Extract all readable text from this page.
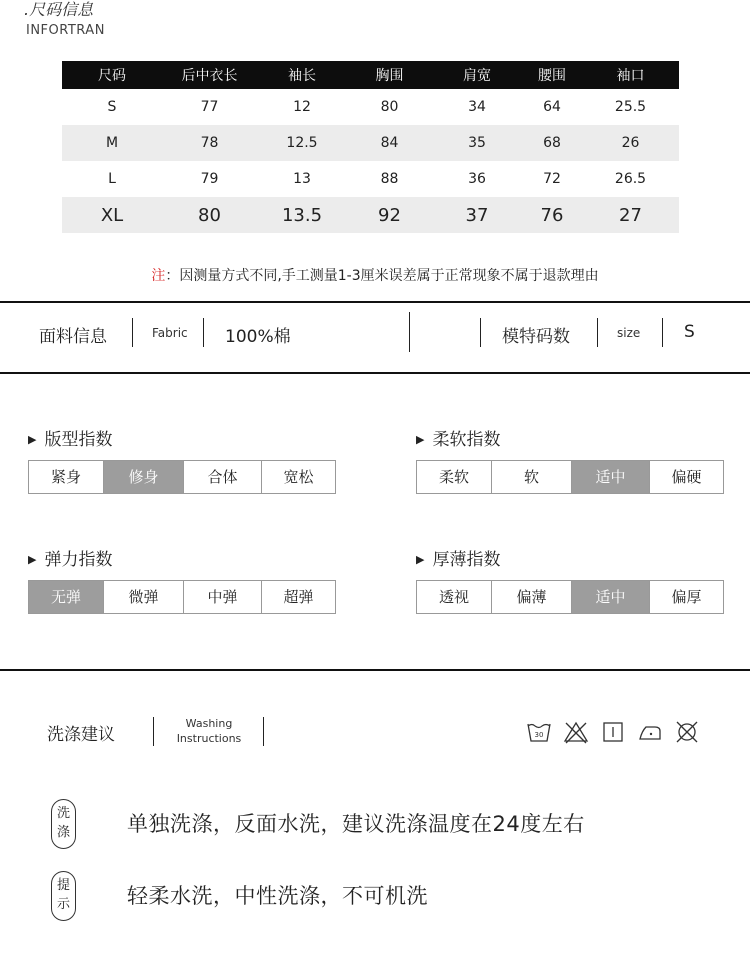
.尺码信息
INFORTRAN
尺码	后中衣长	袖长	胸围	肩宽	腰围	袖口
S	77	12	80	34	64	25.5
M	78	12.5	84	35	68	26
L	79	13	88	36	72	26.5
XL	80	13.5	92	37	76	27
注：因测量方式不同,手工测量1-3厘米误差属于正常现象不属于退款理由
面料信息	Fabric 100%棉	模特码数	size	S
▶ 版型指数
紧身	修身	合体	宽松
▶ 柔软指数
柔软	软	适中	偏硬
▶ 弹力指数
无弹	微弹	中弹	超弹
▶ 厚薄指数
透视	偏薄	适中	偏厚
洗涤建议
Washing
Instructions	30
洗
涤	单独洗涤，反面水洗，建议洗涤温度在24度左右
提
示	轻柔水洗，中性洗涤，不可机洗
